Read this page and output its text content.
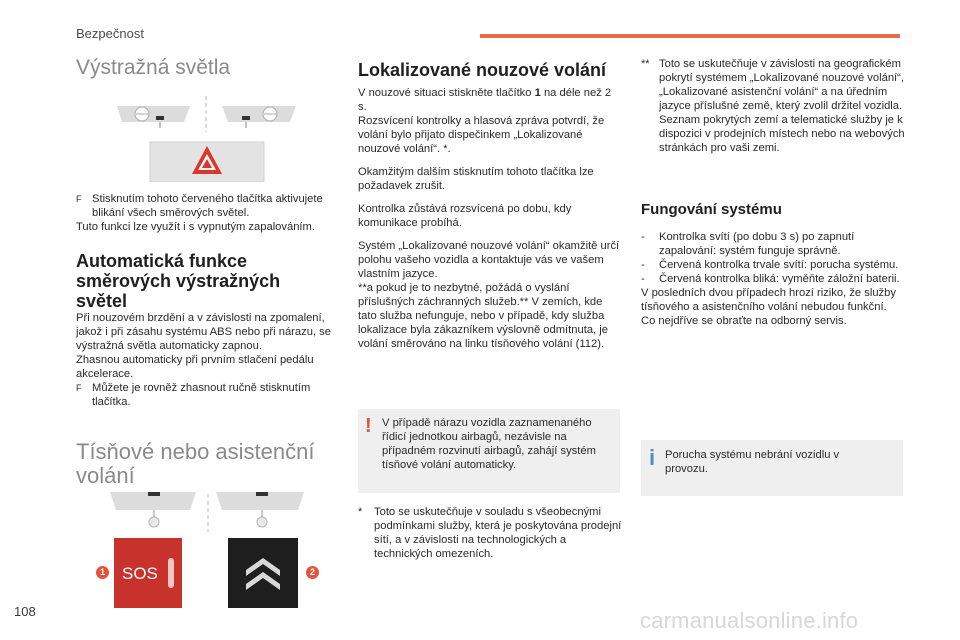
Bezpečnost
Výstražná světla
F Stisknutím tohoto červeného tlačítka aktivujete blikání všech směrových světel.

Tuto funkci lze využít i s vypnutým zapalováním.

Automatická funkce směrových výstražných světel

Při nouzovém brzdění a v závislosti na zpomalení, jakož i při zásahu systému ABS nebo při nárazu, se výstražná světla automaticky zapnou.

Zhasnou automaticky při prvním stlačení pedálu akcelerace.

F Můžete je rovněž zhasnout ručně stisknutím tlačítka.
Tísňové nebo asistenční volání
SOS
1	2
Lokalizované nouzové volání

V nouzové situaci stiskněte tlačítko 1 na déle než 2 s.

Rozsvícení kontrolky a hlasová zpráva potvrdí, že volání bylo přijato dispečinkem „Lokalizované nouzové volání“. *.

Okamžitým dalším stisknutím tohoto tlačítka lze požadavek zrušit.

Kontrolka zůstává rozsvícená po dobu, kdy komunikace probíhá.

Systém „Lokalizované nouzové volání“ okamžitě určí polohu vašeho vozidla a kontaktuje vás ve vašem vlastním jazyce.

**a pokud je to nezbytné, požádá o vyslání příslušných záchranných služeb.** V zemích, kde tato služba nefunguje, nebo v případě, kdy služba lokalizace byla zákazníkem výslovně odmítnuta, je volání směrováno na linku tísňového volání (112).

! V případě nárazu vozidla zaznamenaného řídicí jednotkou airbagů, nezávisle na případném rozvinutí airbagů, zahájí systém tísňové volání automaticky.

*	Toto se uskutečňuje v souladu s všeobecnými podmínkami služby, která je poskytována prodejní sítí, a v závislosti na technologických a technických omezeních.
** Toto se uskutečňuje v závislosti na geografickém pokrytí systémem „Lokalizované nouzové volání“, „Lokalizované asistenční volání“ a na úředním jazyce příslušné země, který zvolil držitel vozidla.

Seznam pokrytých zemí a telematické služby je k dispozici v prodejních místech nebo na webových stránkách pro vaši zemi.

Fungování systému
-	Kontrolka svítí (po dobu 3 s) po zapnutí zapalování: systém funguje správně.
-	Červená kontrolka trvale svítí: porucha systému.
-	Červená kontrolka bliká: vyměňte záložní baterii.

V posledních dvou případech hrozí riziko, že služby tísňového a asistenčního volání nebudou funkční.

Co nejdříve se obraťte na odborný servis.

i Porucha systému nebrání vozidlu v provozu.

108	carmanualsonline.info
